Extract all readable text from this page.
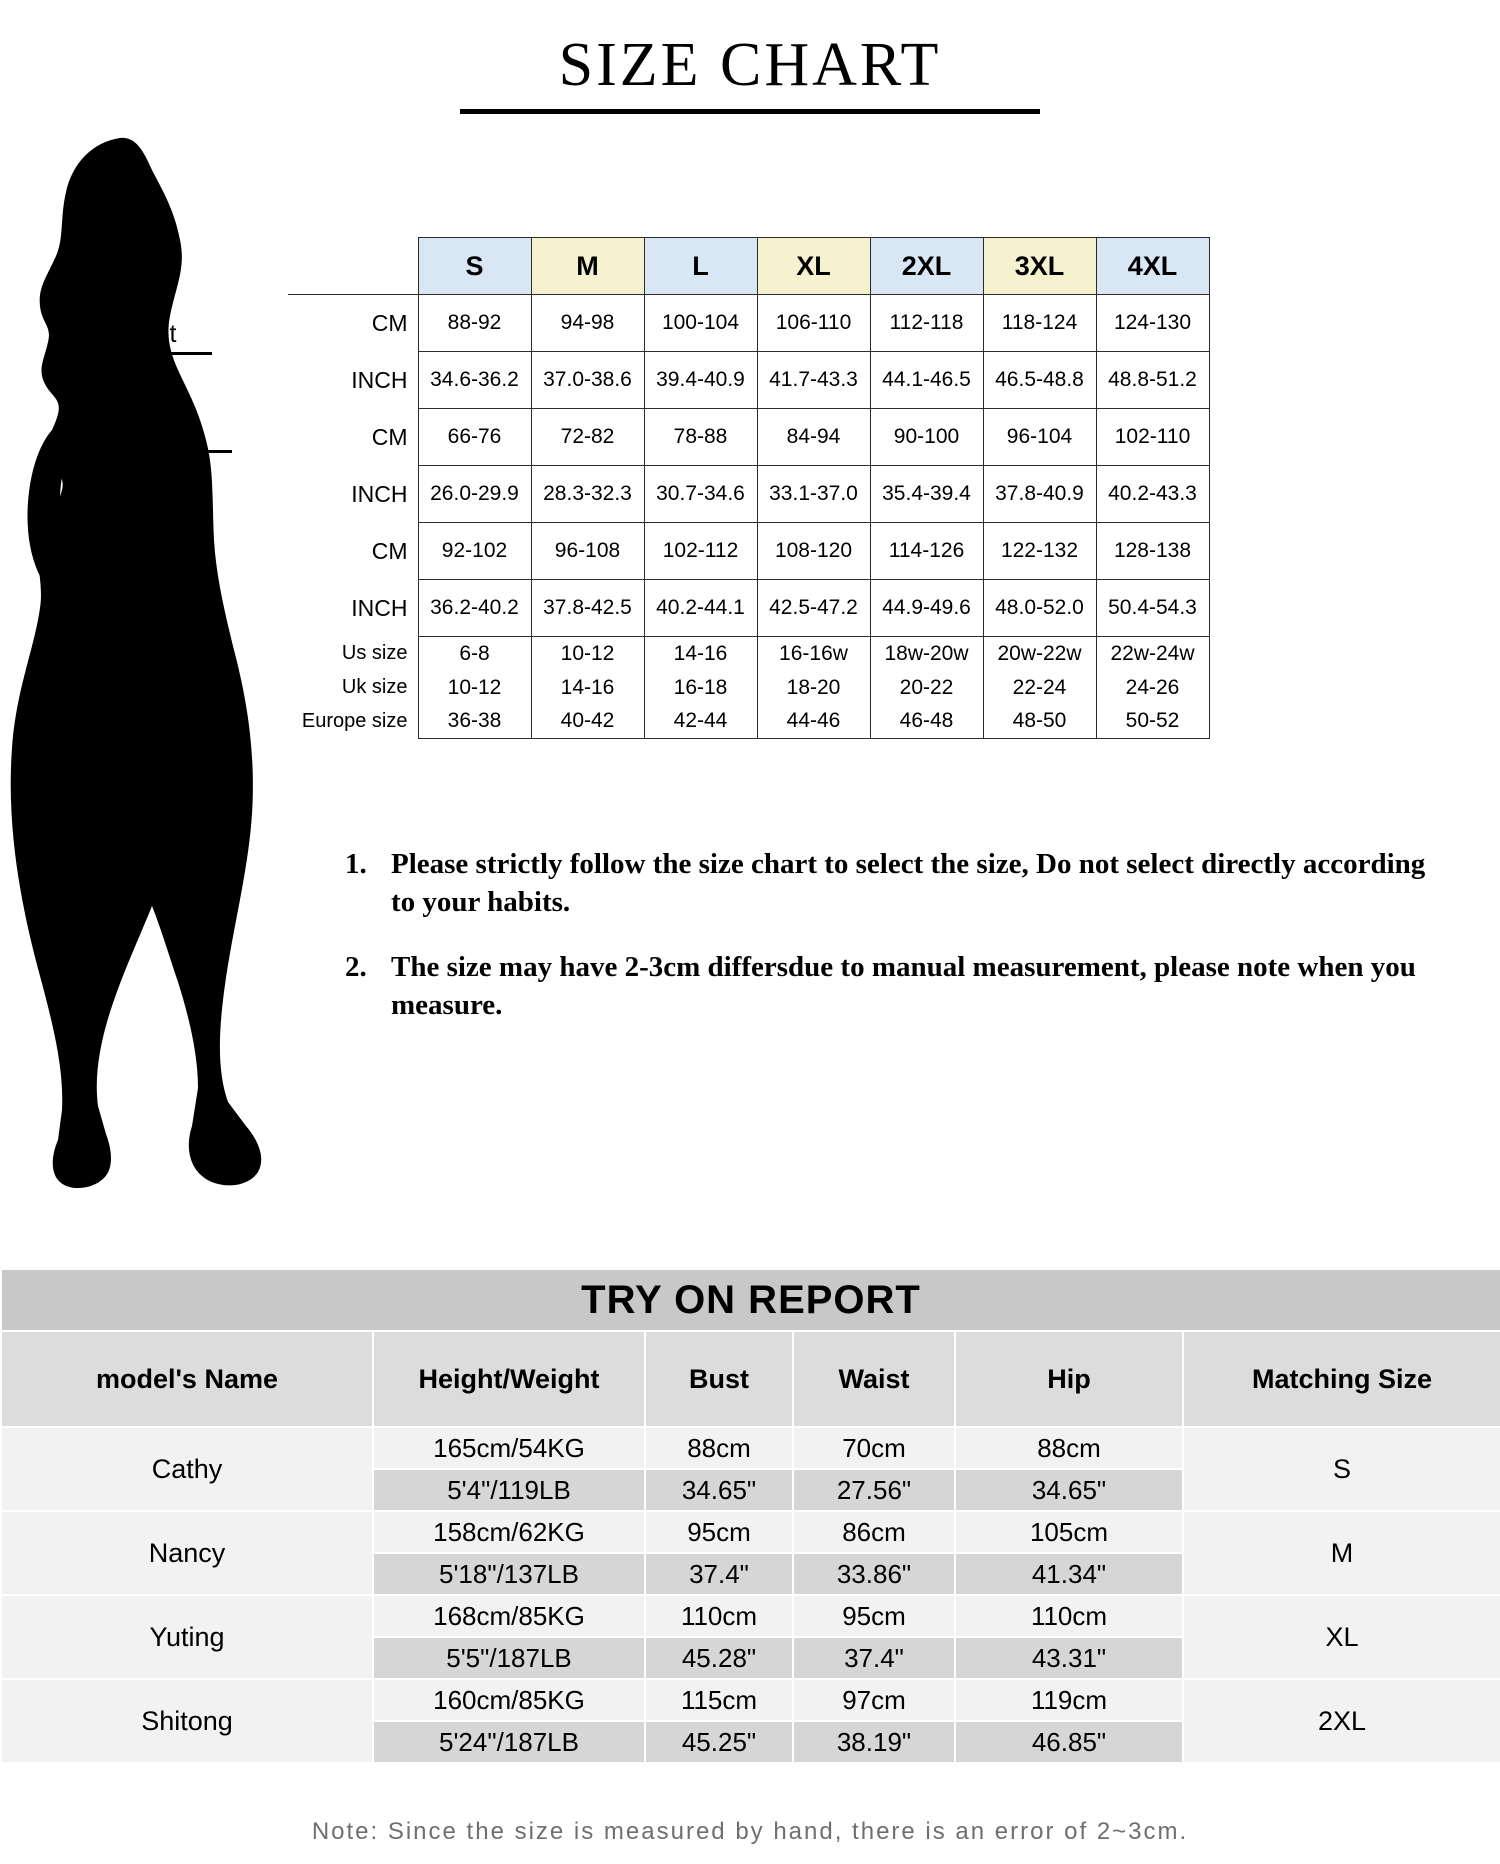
SIZE CHART
Bust fit
Waist fit
Hip fit
	S	M	L	XL	2XL	3XL	4XL
CM	88-92	94-98	100-104	106-110	112-118	118-124	124-130
INCH	34.6-36.2	37.0-38.6	39.4-40.9	41.7-43.3	44.1-46.5	46.5-48.8	48.8-51.2
CM	66-76	72-82	78-88	84-94	90-100	96-104	102-110
INCH	26.0-29.9	28.3-32.3	30.7-34.6	33.1-37.0	35.4-39.4	37.8-40.9	40.2-43.3
CM	92-102	96-108	102-112	108-120	114-126	122-132	128-138
INCH	36.2-40.2	37.8-42.5	40.2-44.1	42.5-47.2	44.9-49.6	48.0-52.0	50.4-54.3
Us size	6-8	10-12	14-16	16-16w	18w-20w	20w-22w	22w-24w
Uk size	10-12	14-16	16-18	18-20	20-22	22-24	24-26
Europe size	36-38	40-42	42-44	44-46	46-48	48-50	50-52
1. Please strictly follow the size chart to select the size, Do not select directly according to your habits.
2. The size may have 2-3cm differsdue to manual measurement, please note when you measure.
TRY ON REPORT					
model's Name	Height/Weight	Bust	Waist	Hip	Matching Size
Cathy	165cm/54KG	88cm	70cm	88cm	S
	5'4"/119LB	34.65"	27.56"	34.65"	
Nancy	158cm/62KG	95cm	86cm	105cm	M
	5'18"/137LB	37.4"	33.86"	41.34"	
Yuting	168cm/85KG	110cm	95cm	110cm	XL
	5'5"/187LB	45.28"	37.4"	43.31"	
Shitong	160cm/85KG	115cm	97cm	119cm	2XL
	5'24"/187LB	45.25"	38.19"	46.85"	
Note: Since the size is measured by hand, there is an error of 2~3cm.
